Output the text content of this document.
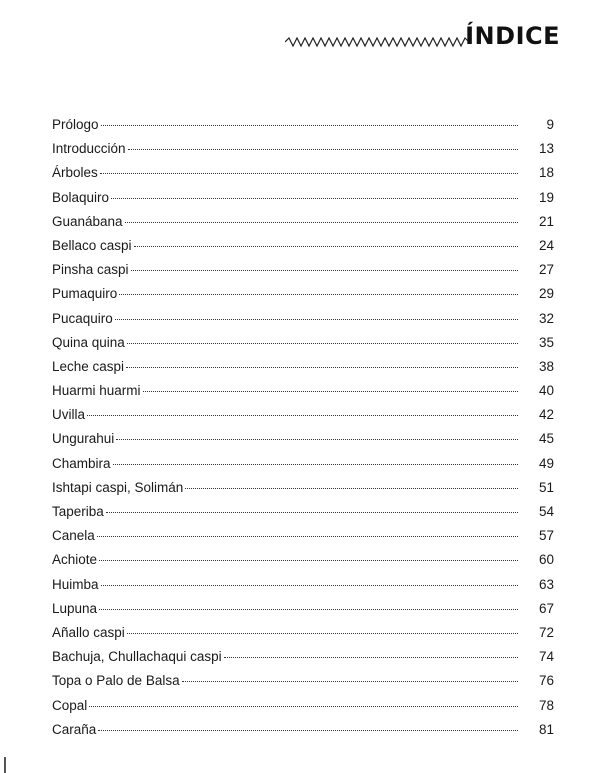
ÍNDICE
Prólogo	9
Introducción	13
Árboles	18
Bolaquiro	19
Guanábana	21
Bellaco caspi	24
Pinsha caspi	27
Pumaquiro	29
Pucaquiro	32
Quina quina	35
Leche caspi	38
Huarmi huarmi	40
Uvilla	42
Ungurahui	45
Chambira	49
Ishtapi caspi, Solimán	51
Taperiba	54
Canela	57
Achiote	60
Huimba	63
Lupuna	67
Añallo caspi	72
Bachuja, Chullachaqui caspi	74
Topa o Palo de Balsa	76
Copal	78
Caraña	81
